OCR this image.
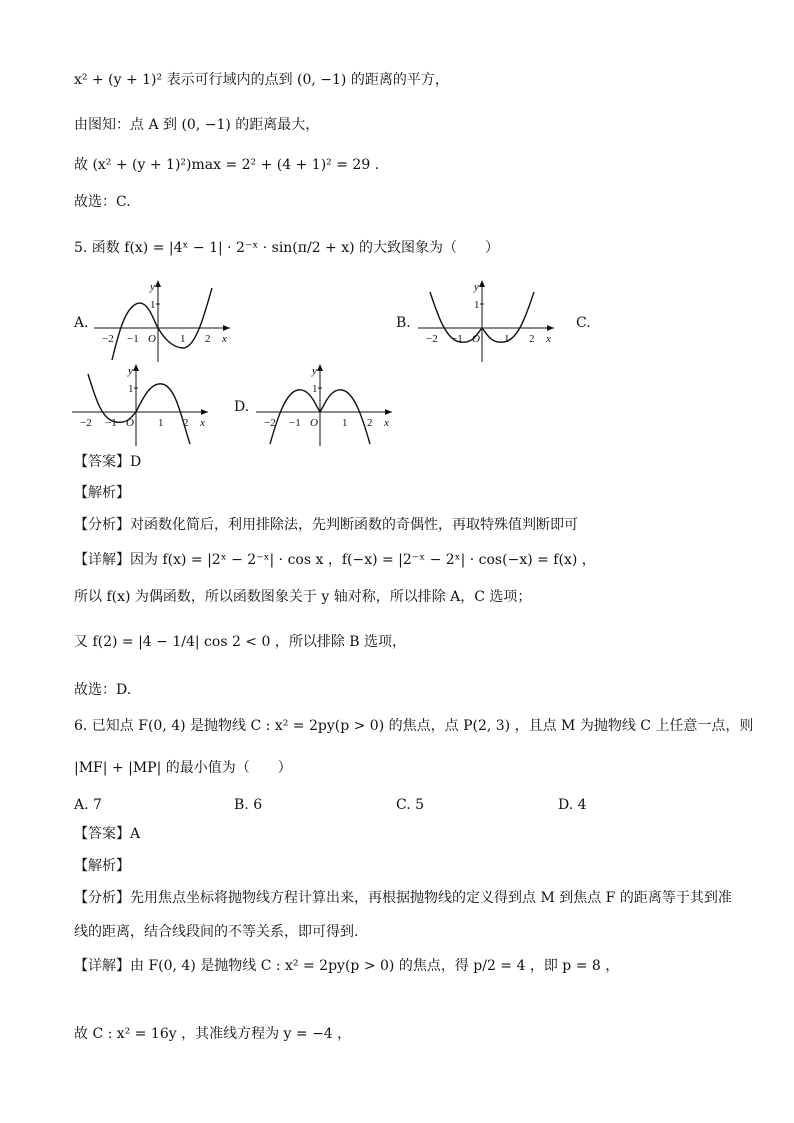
x² + (y + 1)² 表示可行域内的点到 (0, −1) 的距离的平方，
由图知：点 A 到 (0, −1) 的距离最大，
故 (x² + (y + 1)²)max = 2² + (4 + 1)² = 29 .
故选：C.
5. 函数 f(x) = |4ˣ − 1| · 2⁻ˣ · sin(π/2 + x) 的大致图象为（　　）
A.	B.	C.
D.
y
1
−2 −1 O 1 2 x
y
1
−2 −1 O 1 2 x
y
1
−2 −1 O 1 2 x
y
1
−2 −1 O 1 2 x
【答案】D
【解析】
【分析】对函数化简后，利用排除法，先判断函数的奇偶性，再取特殊值判断即可
【详解】因为 f(x) = |2ˣ − 2⁻ˣ| · cos x ，f(−x) = |2⁻ˣ − 2ˣ| · cos(−x) = f(x) ，
所以 f(x) 为偶函数，所以函数图象关于 y 轴对称，所以排除 A，C 选项；
又 f(2) = |4 − 1/4| cos 2 < 0 ，所以排除 B 选项，
故选：D.
6. 已知点 F(0, 4) 是抛物线 C : x² = 2py(p > 0) 的焦点，点 P(2, 3) ，且点 M 为抛物线 C 上任意一点，则
|MF| + |MP| 的最小值为（　　）
A. 7	B. 6	C. 5	D. 4
【答案】A
【解析】
【分析】先用焦点坐标将抛物线方程计算出来，再根据抛物线的定义得到点 M 到焦点 F 的距离等于其到准
线的距离，结合线段间的不等关系，即可得到.
【详解】由 F(0, 4) 是抛物线 C : x² = 2py(p > 0) 的焦点，得 p/2 = 4 ，即 p = 8 ，
故 C : x² = 16y ，其准线方程为 y = −4 ，
